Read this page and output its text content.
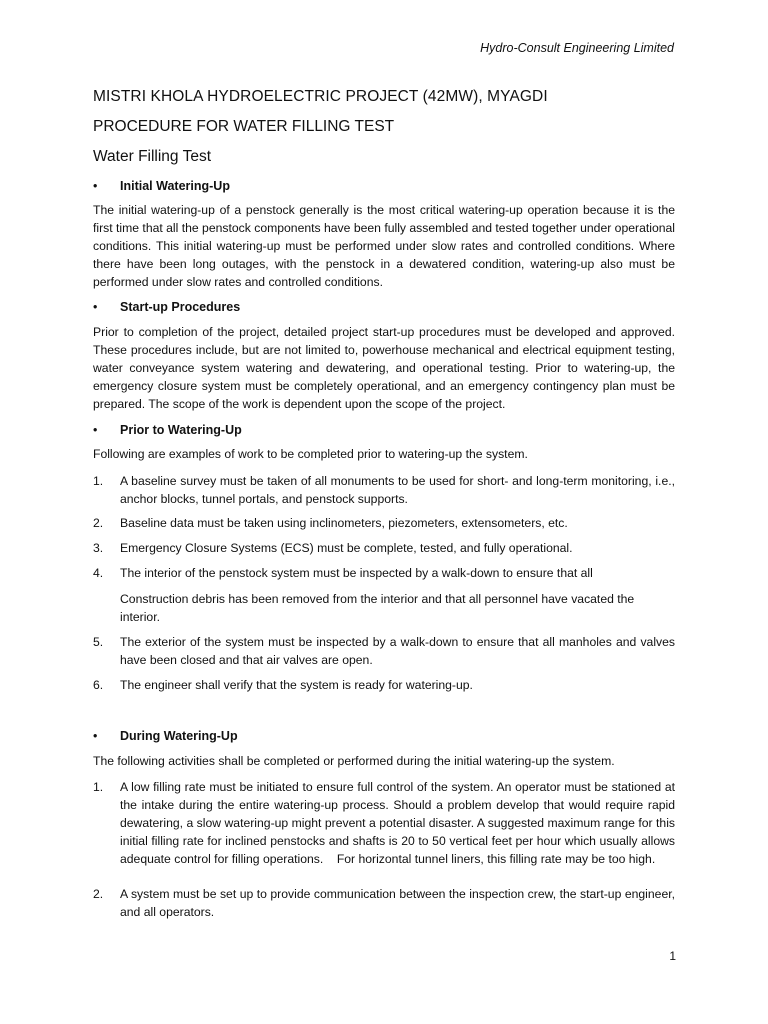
Hydro-Consult Engineering Limited
MISTRI KHOLA HYDROELECTRIC PROJECT (42MW), MYAGDI
PROCEDURE FOR WATER FILLING TEST
Water Filling Test
• Initial Watering-Up
The initial watering-up of a penstock generally is the most critical watering-up operation because it is the first time that all the penstock components have been fully assembled and tested together under operational conditions. This initial watering-up must be performed under slow rates and controlled conditions. Where there have been long outages, with the penstock in a dewatered condition, watering-up also must be performed under slow rates and controlled conditions.
• Start-up Procedures
Prior to completion of the project, detailed project start-up procedures must be developed and approved. These procedures include, but are not limited to, powerhouse mechanical and electrical equipment testing, water conveyance system watering and dewatering, and operational testing. Prior to watering-up, the emergency closure system must be completely operational, and an emergency contingency plan must be prepared. The scope of the work is dependent upon the scope of the project.
• Prior to Watering-Up
Following are examples of work to be completed prior to watering-up the system.
1.	A baseline survey must be taken of all monuments to be used for short- and long-term monitoring, i.e., anchor blocks, tunnel portals, and penstock supports.
2.	Baseline data must be taken using inclinometers, piezometers, extensometers, etc.
3.	Emergency Closure Systems (ECS) must be complete, tested, and fully operational.
4.	The interior of the penstock system must be inspected by a walk-down to ensure that all
Construction debris has been removed from the interior and that all personnel have vacated the interior.
5.	The exterior of the system must be inspected by a walk-down to ensure that all manholes and valves have been closed and that air valves are open.
6.	The engineer shall verify that the system is ready for watering-up.
• During Watering-Up
The following activities shall be completed or performed during the initial watering-up the system.
1.	A low filling rate must be initiated to ensure full control of the system. An operator must be stationed at the intake during the entire watering-up process. Should a problem develop that would require rapid dewatering, a slow watering-up might prevent a potential disaster. A suggested maximum range for this initial filling rate for inclined penstocks and shafts is 20 to 50 vertical feet per hour which usually allows adequate control for filling operations. For horizontal tunnel liners, this filling rate may be too high.
2.	A system must be set up to provide communication between the inspection crew, the start-up engineer, and all operators.
1
